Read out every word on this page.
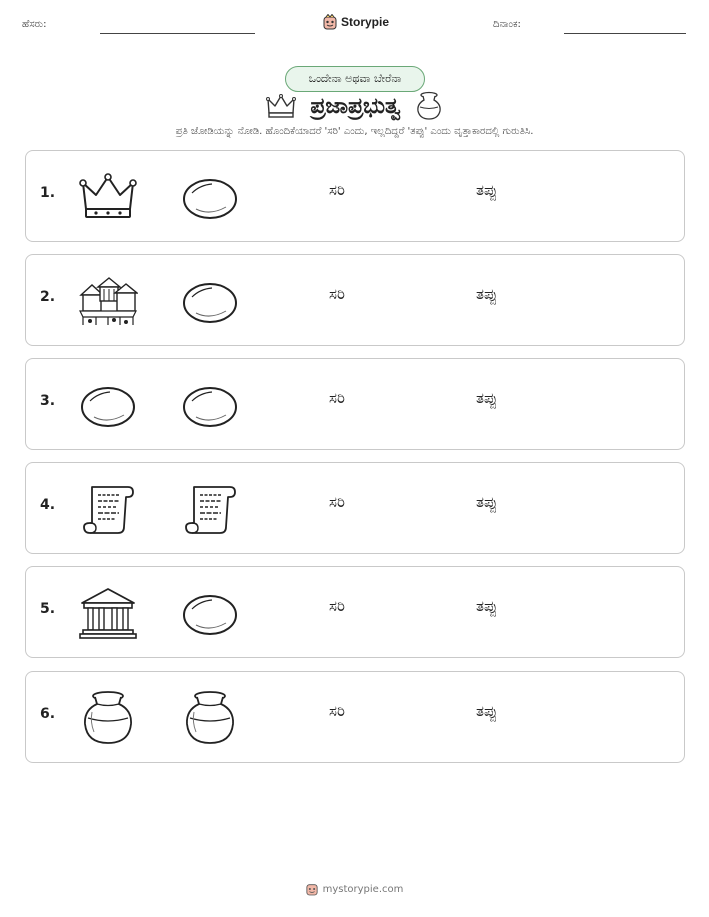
ಹೆಸರು:	Storypie	ದಿನಾಂಕ:
ಒಂದೇನಾ ಅಥವಾ ಬೇರೆನಾ
ಪ್ರಜಾಪ್ರಭುತ್ವ

ಪ್ರತಿ ಜೋಡಿಯನ್ನು ನೋಡಿ. ಹೊಂದಿಕೆಯಾದರೆ 'ಸರಿ' ಎಂದು, ಇಲ್ಲದಿದ್ದರೆ 'ತಪ್ಪು' ಎಂದು ವೃತ್ತಾಕಾರದಲ್ಲಿ ಗುರುತಿಸಿ.

1.	ಸರಿ	ತಪ್ಪು
2.	ಸರಿ	ತಪ್ಪು
3.	ಸರಿ	ತಪ್ಪು
4.	ಸರಿ	ತಪ್ಪು
5.	ಸರಿ	ತಪ್ಪು
6.	ಸರಿ	ತಪ್ಪು
mystorypie.com
